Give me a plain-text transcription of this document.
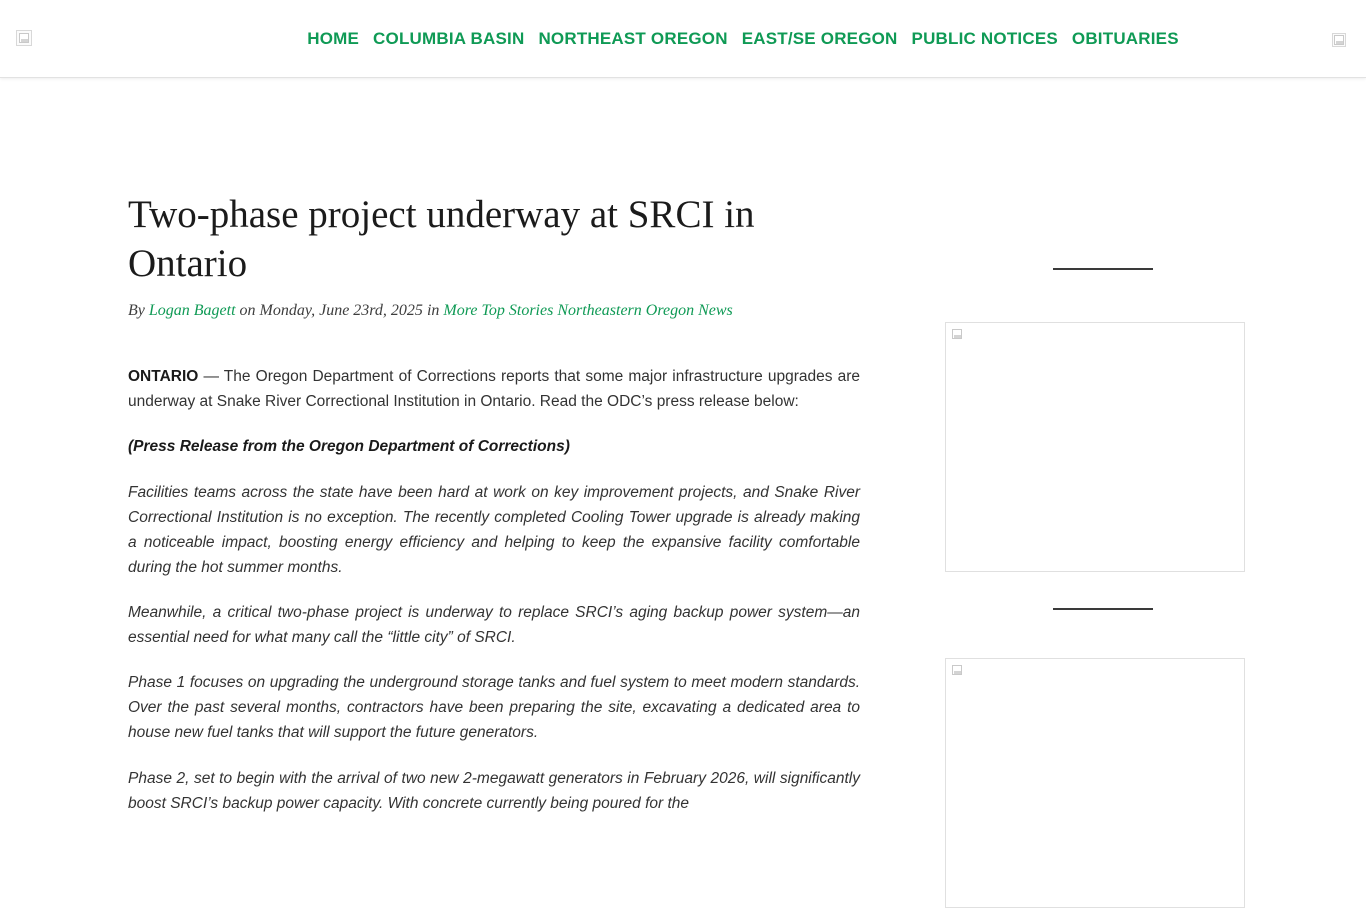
HOME COLUMBIA BASIN NORTHEAST OREGON EAST/SE OREGON PUBLIC NOTICES OBITUARIES
Two-phase project underway at SRCI in Ontario
By Logan Bagett on Monday, June 23rd, 2025 in More Top Stories Northeastern Oregon News

ONTARIO — The Oregon Department of Corrections reports that some major infrastructure upgrades are underway at Snake River Correctional Institution in Ontario. Read the ODC’s press release below:

(Press Release from the Oregon Department of Corrections)

Facilities teams across the state have been hard at work on key improvement projects, and Snake River Correctional Institution is no exception. The recently completed Cooling Tower upgrade is already making a noticeable impact, boosting energy efficiency and helping to keep the expansive facility comfortable during the hot summer months.

Meanwhile, a critical two-phase project is underway to replace SRCI’s aging backup power system—an essential need for what many call the “little city” of SRCI.

Phase 1 focuses on upgrading the underground storage tanks and fuel system to meet modern standards. Over the past several months, contractors have been preparing the site, excavating a dedicated area to house new fuel tanks that will support the future generators.

Phase 2, set to begin with the arrival of two new 2-megawatt generators in February 2026, will significantly boost SRCI’s backup power capacity. With concrete currently being poured for the
